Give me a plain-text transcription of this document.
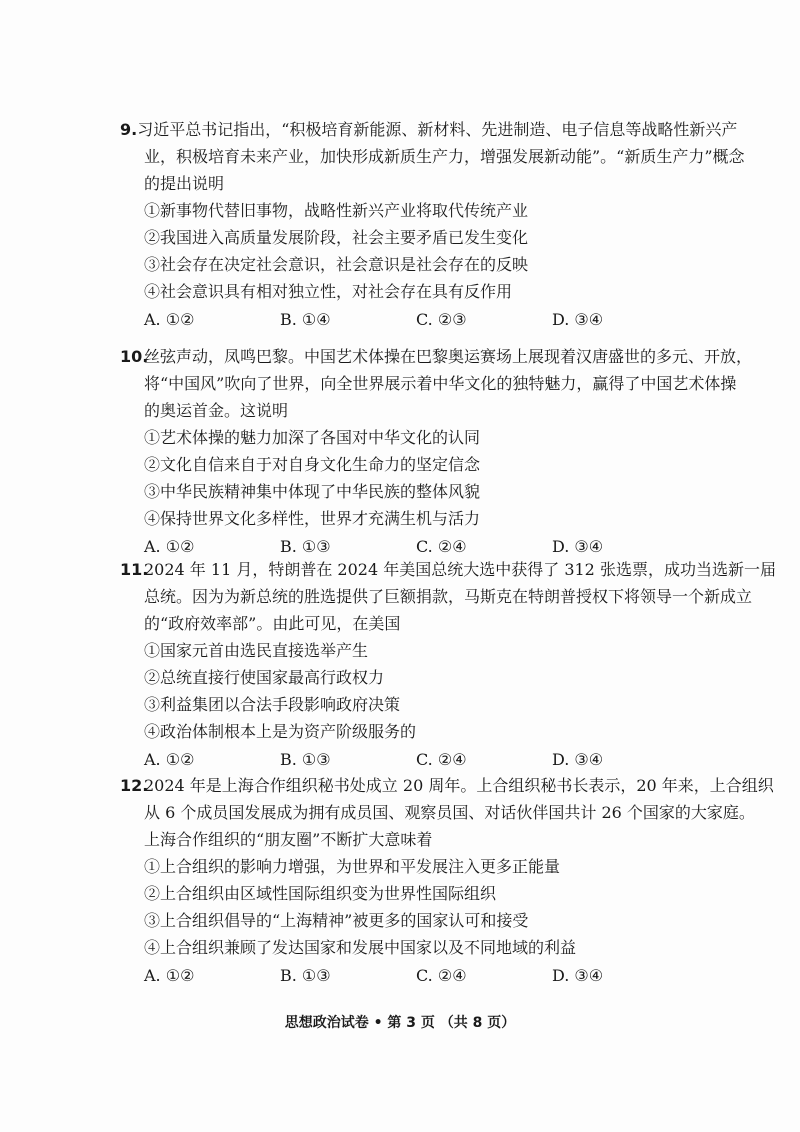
9. 习近平总书记指出，“积极培育新能源、新材料、先进制造、电子信息等战略性新兴产
业，积极培育未来产业，加快形成新质生产力，增强发展新动能”。“新质生产力”概念
的提出说明
①新事物代替旧事物，战略性新兴产业将取代传统产业
②我国进入高质量发展阶段，社会主要矛盾已发生变化
③社会存在决定社会意识，社会意识是社会存在的反映
④社会意识具有相对独立性，对社会存在具有反作用
A. ①②	B. ①④	C. ②③	D. ③④
10.
丝弦声动，凤鸣巴黎。中国艺术体操在巴黎奥运赛场上展现着汉唐盛世的多元、开放，
将“中国风”吹向了世界，向全世界展示着中华文化的独特魅力，赢得了中国艺术体操
的奥运首金。这说明
①艺术体操的魅力加深了各国对中华文化的认同
②文化自信来自于对自身文化生命力的坚定信念
③中华民族精神集中体现了中华民族的整体风貌
④保持世界文化多样性，世界才充满生机与活力
A. ①②	B. ①③	C. ②④	D. ③④
11.
2024 年 11 月，特朗普在 2024 年美国总统大选中获得了 312 张选票，成功当选新一届
总统。因为为新总统的胜选提供了巨额捐款，马斯克在特朗普授权下将领导一个新成立
的“政府效率部”。由此可见，在美国
①国家元首由选民直接选举产生
②总统直接行使国家最高行政权力
③利益集团以合法手段影响政府决策
④政治体制根本上是为资产阶级服务的
A. ①②	B. ①③	C. ②④	D. ③④
12.
2024 年是上海合作组织秘书处成立 20 周年。上合组织秘书长表示，20 年来，上合组织
从 6 个成员国发展成为拥有成员国、观察员国、对话伙伴国共计 26 个国家的大家庭。
上海合作组织的“朋友圈”不断扩大意味着
①上合组织的影响力增强，为世界和平发展注入更多正能量
②上合组织由区域性国际组织变为世界性国际组织
③上合组织倡导的“上海精神”被更多的国家认可和接受
④上合组织兼顾了发达国家和发展中国家以及不同地域的利益
A. ①②	B. ①③	C. ②④	D. ③④
思想政治试卷 • 第 3 页 （共 8 页）
